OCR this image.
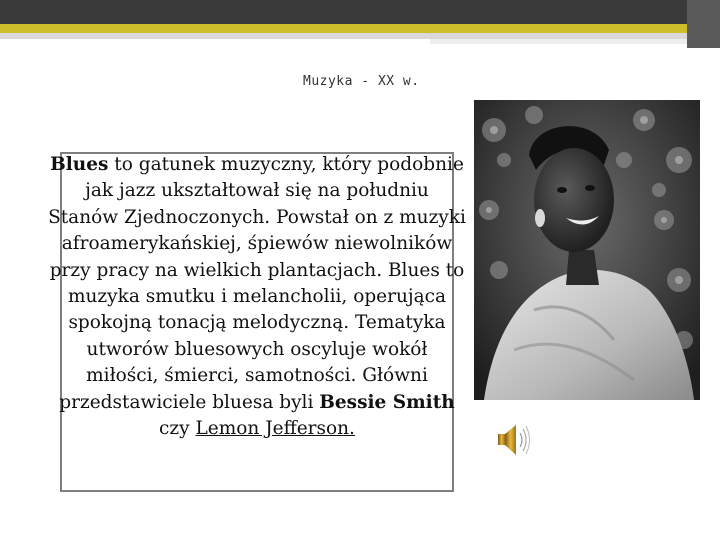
Muzyka - XX w.
Blues to gatunek muzyczny, który podobnie jak jazz ukształtował się na południu Stanów Zjednoczonych. Powstał on z muzyki afroamerykańskiej, śpiewów niewolników przy pracy na wielkich plantacjach. Blues to muzyka smutku i melancholii, operująca spokojną tonacją melodyczną. Tematyka utworów bluesowych oscyluje wokół miłości, śmierci, samotności. Główni przedstawiciele bluesa byli Bessie Smith czy Lemon Jefferson.
